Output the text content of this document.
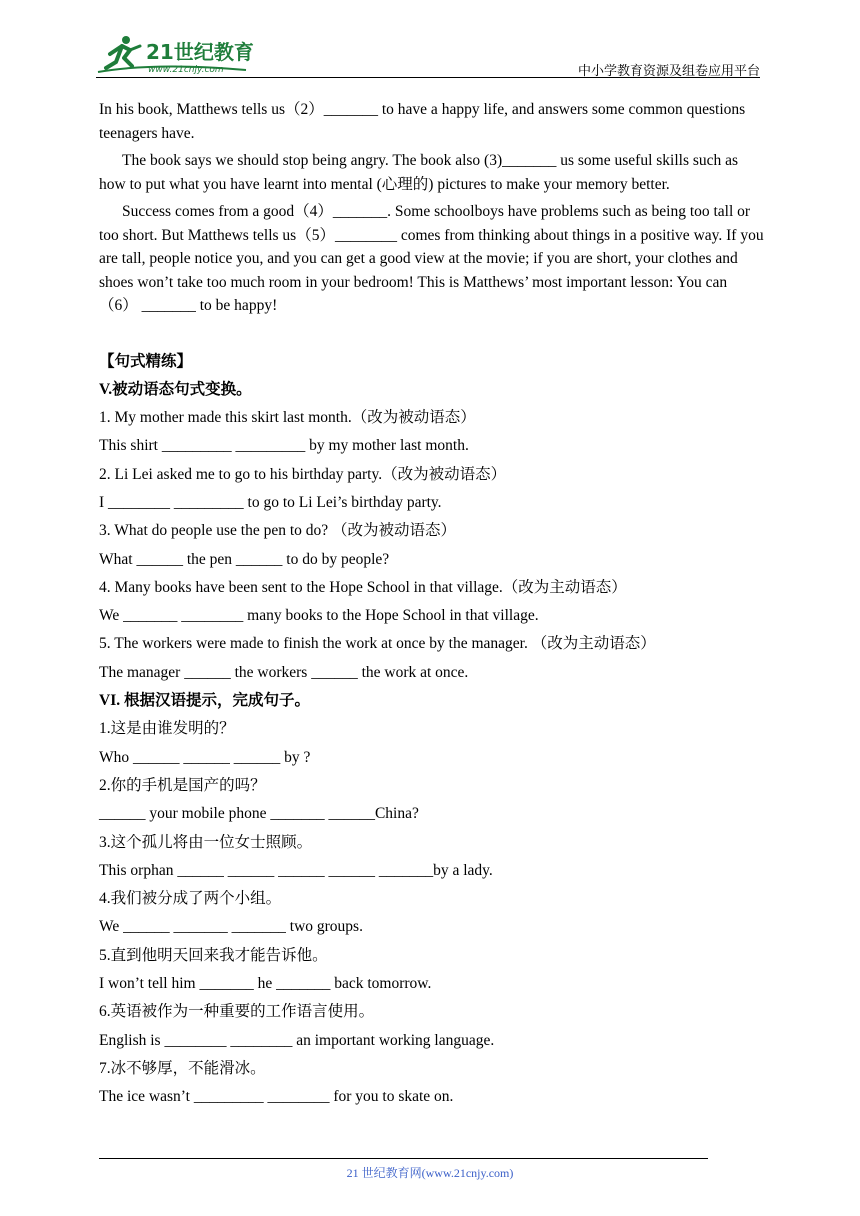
21世纪教育
www.21cnjy.com	中小学教育资源及组卷应用平台

In his book, Matthews tells us（2）_______ to have a happy life, and answers some common questions teenagers have.

The book says we should stop being angry. The book also (3)_______ us some useful skills such as how to put what you have learnt into mental (心理的) pictures to make your memory better.

Success comes from a good（4）_______. Some schoolboys have problems such as being too tall or too short. But Matthews tells us（5）________ comes from thinking about things in a positive way. If you are tall, people notice you, and you can get a good view at the movie; if you are short, your clothes and shoes won’t take too much room in your bedroom! This is Matthews’ most important lesson: You can（6） _______ to be happy!

【句式精练】

V.被动语态句式变换。

1. My mother made this skirt last month.（改为被动语态）

This shirt _________ _________ by my mother last month.

2. Li Lei asked me to go to his birthday party.（改为被动语态）

I ________ _________ to go to Li Lei’s birthday party.

3. What do people use the pen to do? （改为被动语态）

What ______ the pen ______ to do by people?

4. Many books have been sent to the Hope School in that village.（改为主动语态）

We _______ ________ many books to the Hope School in that village.

5. The workers were made to finish the work at once by the manager. （改为主动语态）

The manager ______ the workers ______ the work at once.

VI. 根据汉语提示，完成句子。

1.这是由谁发明的？

Who ______ ______ ______ by ?

2.你的手机是国产的吗？

______ your mobile phone _______ ______China?

3.这个孤儿将由一位女士照顾。

This orphan ______ ______ ______ ______ _______by a lady.

4.我们被分成了两个小组。

We ______ _______ _______ two groups.

5.直到他明天回来我才能告诉他。

I won’t tell him _______ he _______ back tomorrow.

6.英语被作为一种重要的工作语言使用。

English is ________ ________ an important working language.

7.冰不够厚，不能滑冰。

The ice wasn’t _________ ________ for you to skate on.

21 世纪教育网(www.21cnjy.com)
